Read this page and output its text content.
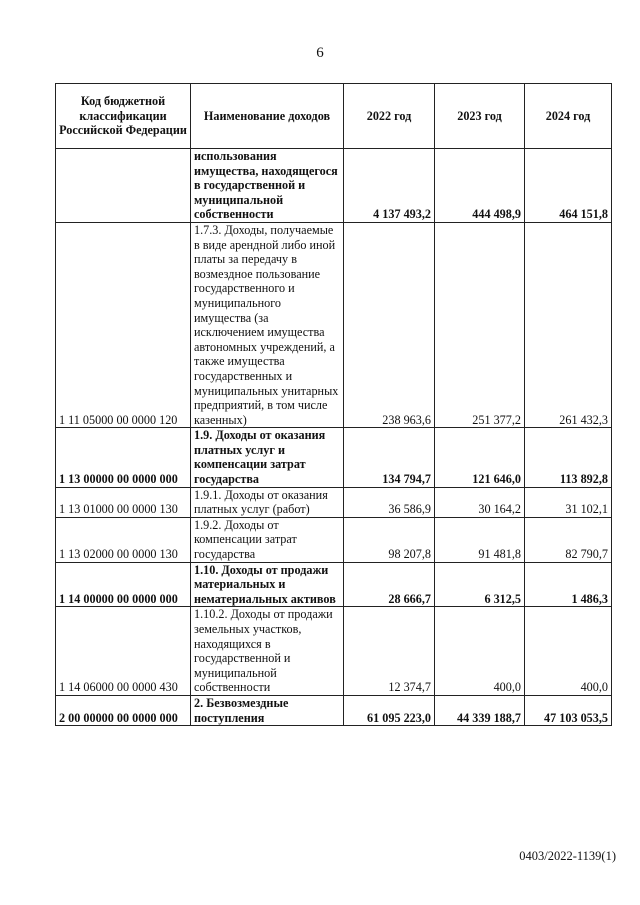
6
Код бюджетной классификации Российской Федерации	Наименование доходов	2022 год	2023 год	2024 год
	использования имущества, находящегося в государственной и муниципальной собственности	4 137 493,2	444 498,9	464 151,8
1 11 05000 00 0000 120	1.7.3. Доходы, получаемые в виде арендной либо иной платы за передачу в возмездное пользование государственного и муниципального имущества (за исключением имущества автономных учреждений, а также имущества государственных и муниципальных унитарных предприятий, в том числе казенных)	238 963,6	251 377,2	261 432,3
1 13 00000 00 0000 000	1.9. Доходы от оказания платных услуг и компенсации затрат государства	134 794,7	121 646,0	113 892,8
1 13 01000 00 0000 130	1.9.1. Доходы от оказания платных услуг (работ)	36 586,9	30 164,2	31 102,1
1 13 02000 00 0000 130	1.9.2. Доходы от компенсации затрат государства	98 207,8	91 481,8	82 790,7
1 14 00000 00 0000 000	1.10. Доходы от продажи материальных и нематериальных активов	28 666,7	6 312,5	1 486,3
1 14 06000 00 0000 430	1.10.2. Доходы от продажи земельных участков, находящихся в государственной и муниципальной собственности	12 374,7	400,0	400,0
2 00 00000 00 0000 000	2. Безвозмездные поступления	61 095 223,0	44 339 188,7	47 103 053,5
0403/2022-1139(1)
